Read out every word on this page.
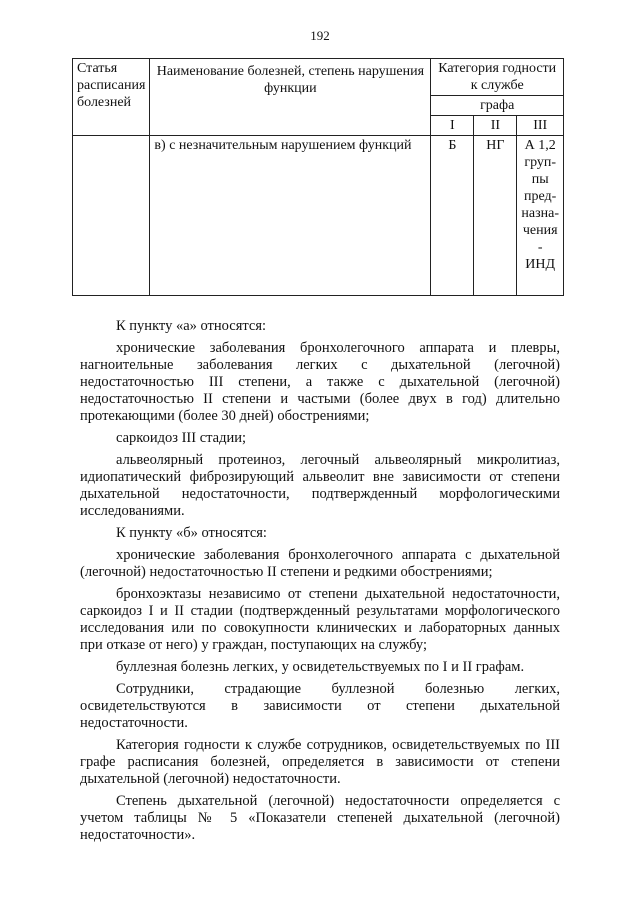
192
Статья расписания болезней	Наименование болезней, степень нарушения функции	Категория годности к службе		
		графа		
		I	II	III
	в) с незначительным нарушением функций	Б	НГ	А 1,2 груп-пы пред-назна-чения - ИНД

К пункту «а» относятся:

хронические заболевания бронхолегочного аппарата и плевры, нагноительные заболевания легких с дыхательной (легочной) недостаточностью III степени, а также с дыхательной (легочной) недостаточностью II степени и частыми (более двух в год) длительно протекающими (более 30 дней) обострениями;

саркоидоз III стадии;

альвеолярный протеиноз, легочный альвеолярный микролитиаз, идиопатический фиброзирующий альвеолит вне зависимости от степени дыхательной недостаточности, подтвержденный морфологическими исследованиями.

К пункту «б» относятся:

хронические заболевания бронхолегочного аппарата с дыхательной (легочной) недостаточностью II степени и редкими обострениями;

бронхоэктазы независимо от степени дыхательной недостаточности, саркоидоз I и II стадии (подтвержденный результатами морфологического исследования или по совокупности клинических и лабораторных данных при отказе от него) у граждан, поступающих на службу;

буллезная болезнь легких, у освидетельствуемых по I и II графам.

Сотрудники, страдающие буллезной болезнью легких, освидетельствуются в зависимости от степени дыхательной недостаточности.

Категория годности к службе сотрудников, освидетельствуемых по III графе расписания болезней, определяется в зависимости от степени дыхательной (легочной) недостаточности.

Степень дыхательной (легочной) недостаточности определяется с учетом таблицы № 5 «Показатели степеней дыхательной (легочной) недостаточности».
